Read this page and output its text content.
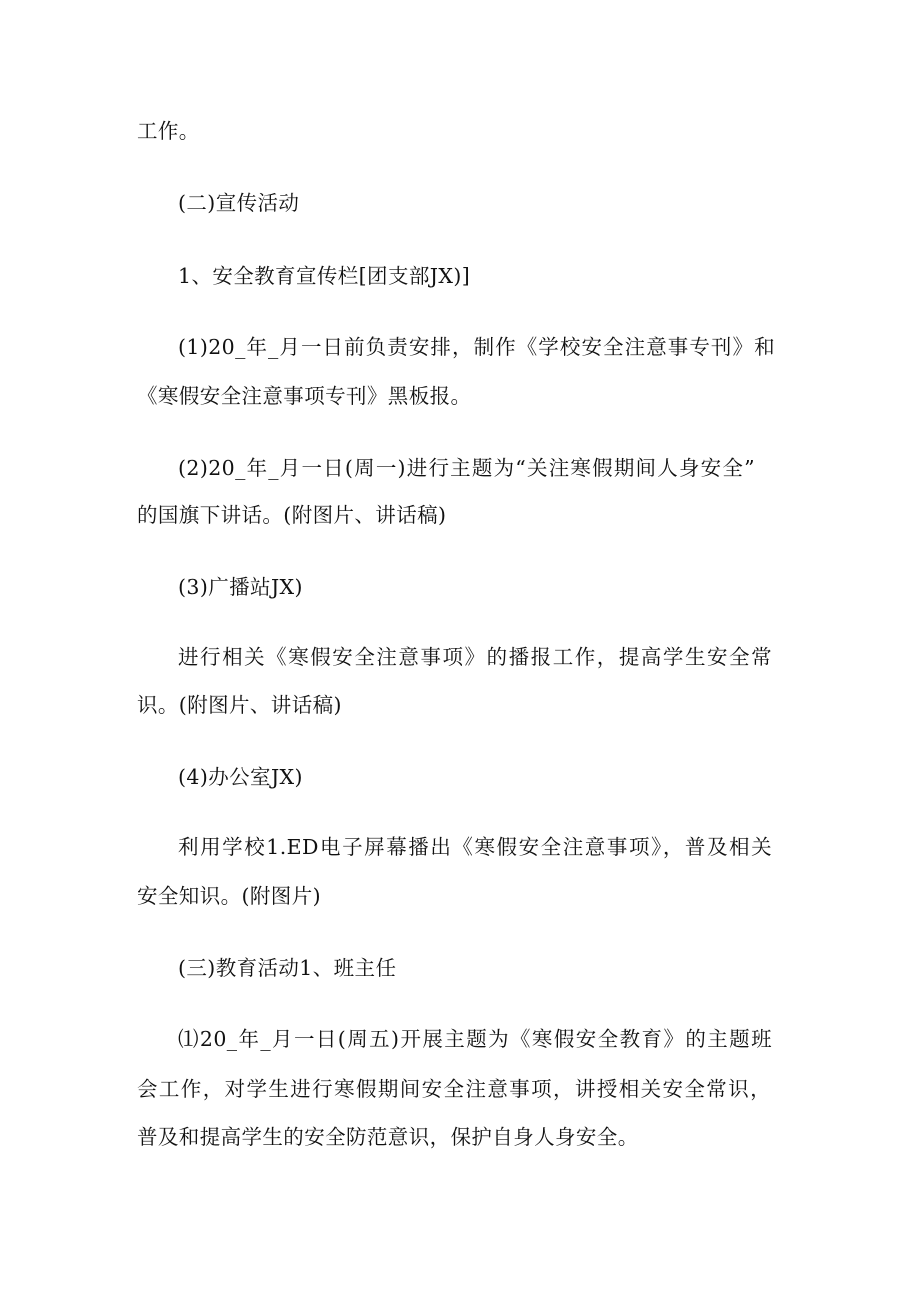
工作。
(二)宣传活动
1、安全教育宣传栏[团支部JX)]
(1)20_年_月一日前负责安排，制作《学校安全注意事专刊》和
《寒假安全注意事项专刊》黑板报。
(2)20_年_月一日(周一)进行主题为“关注寒假期间人身安全”
的国旗下讲话。(附图片、讲话稿)
(3)广播站JX)
进行相关《寒假安全注意事项》的播报工作，提高学生安全常
识。(附图片、讲话稿)
(4)办公室JX)
利用学校1.ED电子屏幕播出《寒假安全注意事项》，普及相关
安全知识。(附图片)
(三)教育活动1、班主任
⑴20_年_月一日(周五)开展主题为《寒假安全教育》的主题班
会工作，对学生进行寒假期间安全注意事项，讲授相关安全常识，
普及和提高学生的安全防范意识，保护自身人身安全。
